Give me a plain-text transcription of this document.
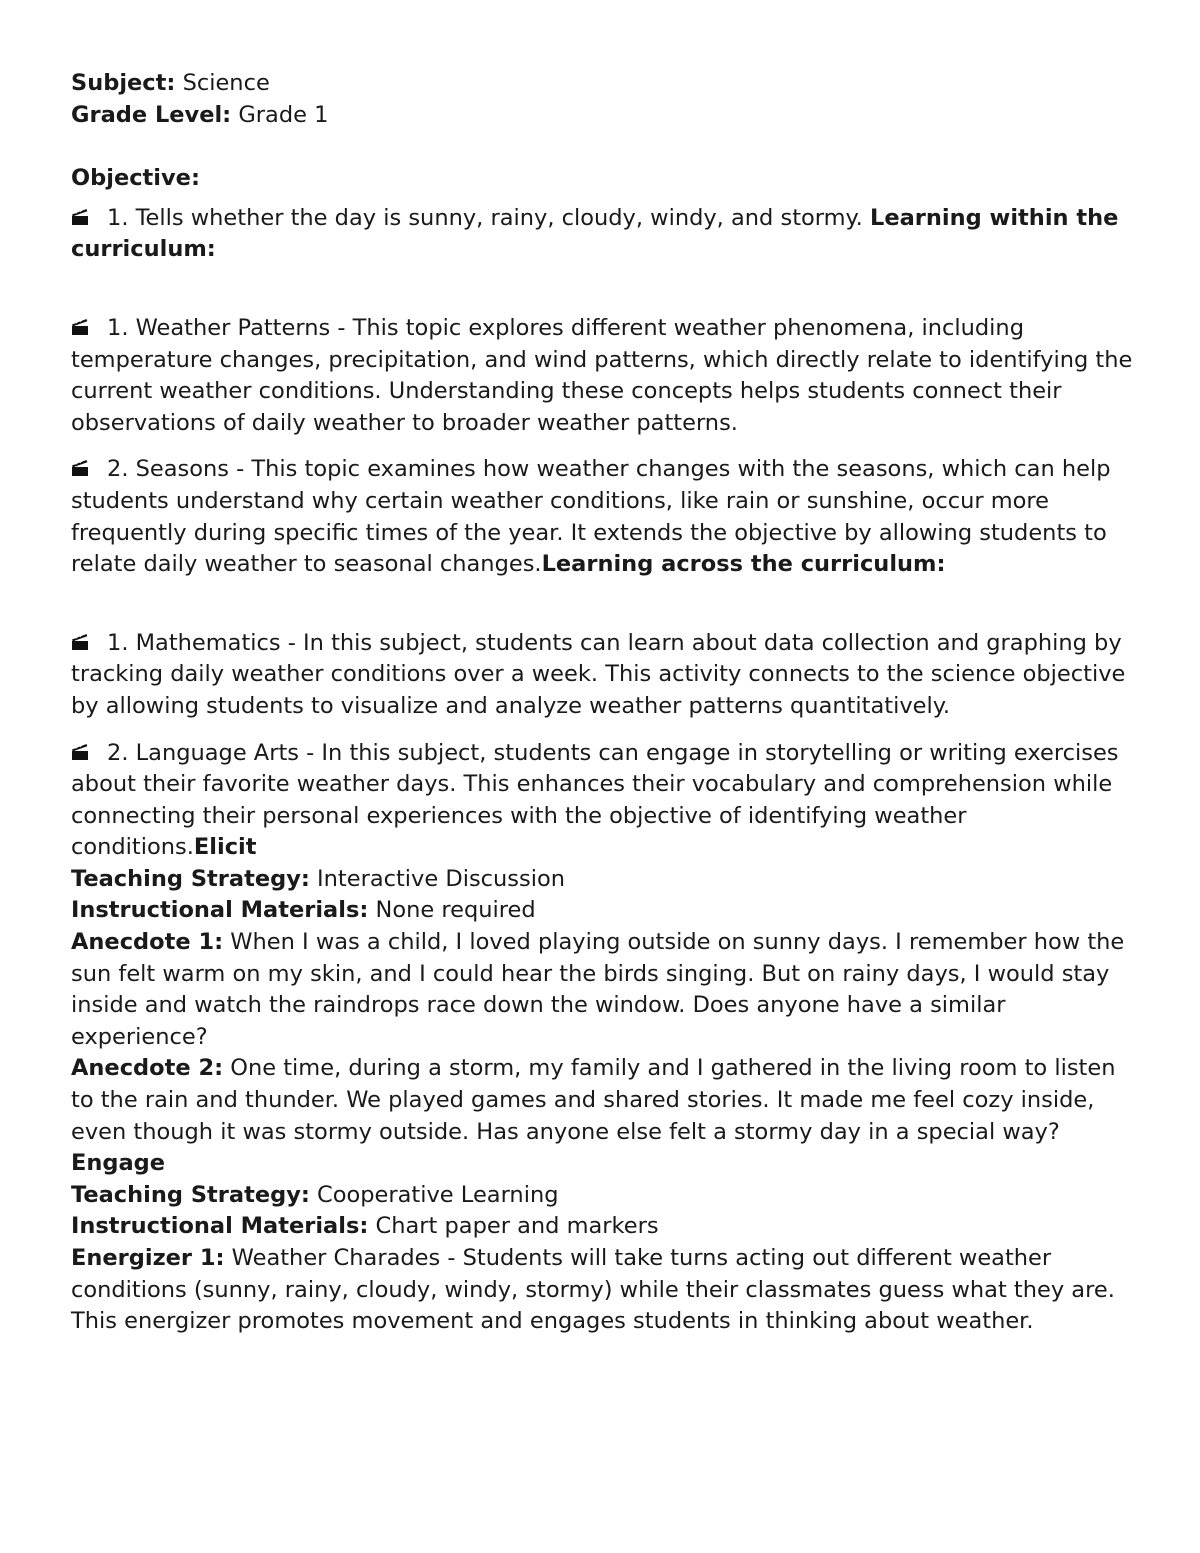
Subject: Science

Grade Level: Grade 1

Objective:

1. Tells whether the day is sunny, rainy, cloudy, windy, and stormy. Learning within the curriculum:

1. Weather Patterns - This topic explores different weather phenomena, including temperature changes, precipitation, and wind patterns, which directly relate to identifying the current weather conditions. Understanding these concepts helps students connect their observations of daily weather to broader weather patterns.

2. Seasons - This topic examines how weather changes with the seasons, which can help students understand why certain weather conditions, like rain or sunshine, occur more frequently during specific times of the year. It extends the objective by allowing students to relate daily weather to seasonal changes.Learning across the curriculum:

1. Mathematics - In this subject, students can learn about data collection and graphing by tracking daily weather conditions over a week. This activity connects to the science objective by allowing students to visualize and analyze weather patterns quantitatively.

2. Language Arts - In this subject, students can engage in storytelling or writing exercises about their favorite weather days. This enhances their vocabulary and comprehension while connecting their personal experiences with the objective of identifying weather conditions.Elicit

Teaching Strategy: Interactive Discussion

Instructional Materials: None required

Anecdote 1: When I was a child, I loved playing outside on sunny days. I remember how the sun felt warm on my skin, and I could hear the birds singing. But on rainy days, I would stay inside and watch the raindrops race down the window. Does anyone have a similar experience?

Anecdote 2: One time, during a storm, my family and I gathered in the living room to listen to the rain and thunder. We played games and shared stories. It made me feel cozy inside, even though it was stormy outside. Has anyone else felt a stormy day in a special way?

Engage

Teaching Strategy: Cooperative Learning

Instructional Materials: Chart paper and markers

Energizer 1: Weather Charades - Students will take turns acting out different weather conditions (sunny, rainy, cloudy, windy, stormy) while their classmates guess what they are. This energizer promotes movement and engages students in thinking about weather.
